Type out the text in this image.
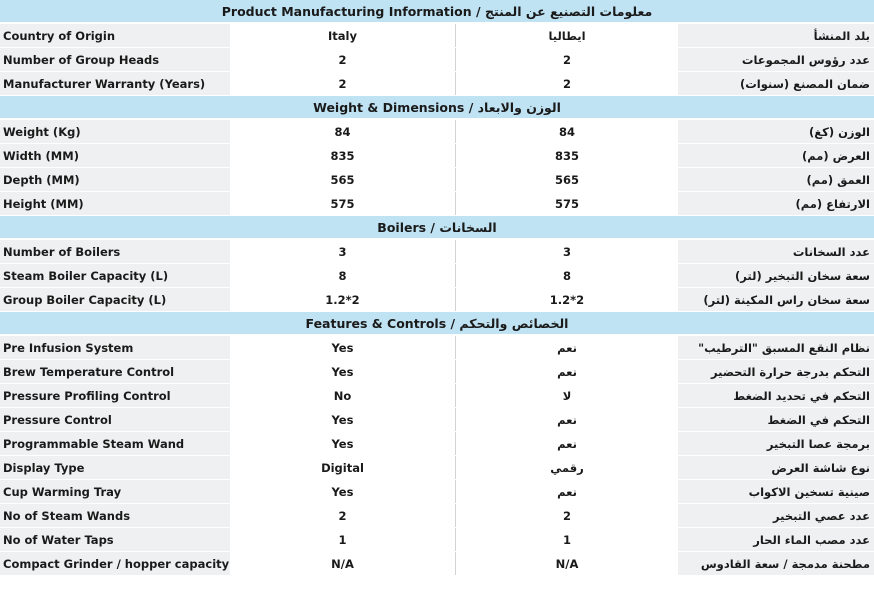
Product Manufacturing Information / معلومات التصنيع عن المنتج
Country of Origin	Italy	ايطاليا	بلد المنشأ
Number of Group Heads	2	2	عدد رؤوس المجموعات
Manufacturer Warranty (Years)	2	2	ضمان المصنع (سنوات)
Weight & Dimensions / الوزن والابعاد
Weight (Kg)	84	84	الوزن (كغ)
Width (MM)	835	835	العرض (مم)
Depth (MM)	565	565	العمق (مم)
Height (MM)	575	575	الارتفاع (مم)
Boilers / السخانات
Number of Boilers	3	3	عدد السخانات
Steam Boiler Capacity (L)	8	8	سعة سخان التبخير (لتر)
Group Boiler Capacity (L)	1.2*2	1.2*2	سعة سخان راس المكينة (لتر)
Features & Controls / الخصائص والتحكم
Pre Infusion System	Yes	نعم	نظام النقع المسبق "الترطيب"
Brew Temperature Control	Yes	نعم	التحكم بدرجة حرارة التحضير
Pressure Profiling Control	No	لا	التحكم في تحديد الضغط
Pressure Control	Yes	نعم	التحكم في الضغط
Programmable Steam Wand	Yes	نعم	برمجة عصا التبخير
Display Type	Digital	رقمي	نوع شاشة العرض
Cup Warming Tray	Yes	نعم	صينية تسخين الاكواب
No of Steam Wands	2	2	عدد عصي التبخير
No of Water Taps	1	1	عدد مصب الماء الحار
Compact Grinder / hopper capacity	N/A	N/A	مطحنة مدمجة / سعة القادوس
